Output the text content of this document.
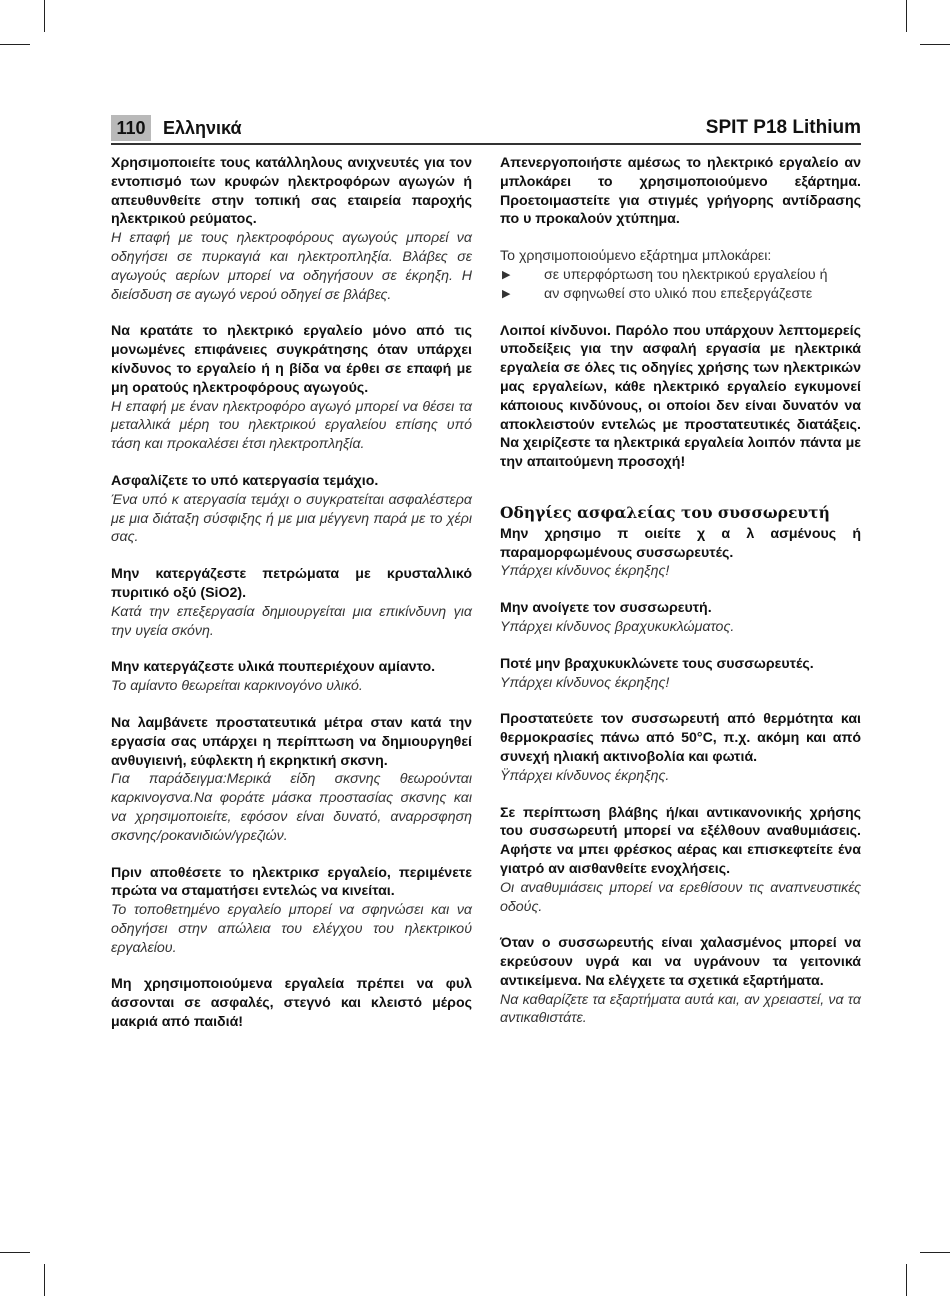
110 Ελληνικά	SPIT P18 Lithium
Χρησιμοποιείτε τους κατάλληλους ανιχνευτές για τον εντοπισμό των κρυφών ηλεκτροφόρων αγωγών ή απευθυνθείτε στην τοπική σας εταιρεία παροχής ηλεκτρικού ρεύματος.
Η επαφή με τους ηλεκτροφόρους αγωγούς μπορεί να οδηγήσει σε πυρκαγιά και ηλεκτροπληξία. Βλάβες σε αγωγούς αερίων μπορεί να οδηγήσουν σε έκρηξη. Η διείσδυση σε αγωγό νερού οδηγεί σε βλάβες.
Να κρατάτε το ηλεκτρικό εργαλείο μόνο από τις μονωμένες επιφάνειες συγκράτησης όταν υπάρχει κίνδυνος το εργαλείο ή η βίδα να έρθει σε επαφή με μη ορατούς ηλεκτροφόρους αγωγούς.
Η επαφή με έναν ηλεκτροφόρο αγωγό μπορεί να θέσει τα μεταλλικά μέρη του ηλεκτρικού εργαλείου επίσης υπό τάση και προκαλέσει έτσι ηλεκτροπληξία.
Ασφαλίζετε το υπό κατεργασία τεμάχιο.
Ένα υπό κ ατεργασία τεμάχι ο συγκρατείται ασφαλέστερα με μια διάταξη σύσφιξης ή με μια μέγγενη παρά με το χέρι σας.
Μην κατεργάζεστε πετρώματα με κρυσταλλικό πυριτικό οξύ (SiO2).
Κατά την επεξεργασία δημιουργείται μια επικίνδυνη για την υγεία σκόνη.
Μην κατεργάζεστε υλικά πουπεριέχουν αμίαντο.
Το αμίαντο θεωρείται καρκινογόνο υλικό.
Να λαμβάνετε προστατευτικά μέτρα σταν κατά την εργασία σας υπάρχει η περίπτωση να δημιουργηθεί ανθυγιεινή, εύφλεκτη ή εκρηκτική σκσνη.
Για παράδειγμα:Μερικά είδη σκσνης θεωρούνται καρκινογσνα.Να φοράτε μάσκα προστασίας σκσνης και να χρησιμοποιείτε, εφόσον είναι δυνατό, αναρρσφηση σκσνης/ροκανιδιών/γρεζιών.
Πριν αποθέσετε το ηλεκτρικσ εργαλείο, περιμένετε πρώτα να σταματήσει εντελώς να κινείται.
Το τοποθετημένο εργαλείο μπορεί να σφηνώσει και να οδηγήσει στην απώλεια του ελέγχου του ηλεκτρικού εργαλείου.
Μη χρησιμοποιούμενα εργαλεία πρέπει να φυλ άσσονται σε ασφαλές, στεγνό και κλειστό μέρος μακριά από παιδιά!
Απενεργοποιήστε αμέσως το ηλεκτρικό εργαλείο αν μπλοκάρει το χρησιμοποιούμενο εξάρτημα. Προετοιμαστείτε για στιγμές γρήγορης αντίδρασης πο υ προκαλούν χτύπημα.
Το χρησιμοποιούμενο εξάρτημα μπλοκάρει:
▶ σε υπερφόρτωση του ηλεκτρικού εργαλείου ή
▶ αν σφηνωθεί στο υλικό που επεξεργάζεστε
Λοιποί κίνδυνοι. Παρόλο που υπάρχουν λεπτομερείς υποδείξεις για την ασφαλή εργασία με ηλεκτρικά εργαλεία σε όλες τις οδηγίες χρήσης των ηλεκτρικών μας εργαλείων, κάθε ηλεκτρικό εργαλείο εγκυμονεί κάποιους κινδύνους, οι οποίοι δεν είναι δυνατόν να αποκλειστούν εντελώς με προστατευτικές διατάξεις. Να χειρίζεστε τα ηλεκτρικά εργαλεία λοιπόν πάντα με την απαιτούμενη προσοχή!
Οδηγίες ασφαλείας του συσσωρευτή
Μην χρησιμο π οιείτε χ α λ ασμένους ή παραμορφωμένους συσσωρευτές.
Υπάρχει κίνδυνος έκρηξης!
Μην ανοίγετε τον συσσωρευτή.
Υπάρχει κίνδυνος βραχυκυκλώματος.
Ποτέ μην βραχυκυκλώνετε τους συσσωρευτές.
Υπάρχει κίνδυνος έκρηξης!
Προστατεύετε τον συσσωρευτή από θερμότητα και θερμοκρασίες πάνω από 50°C, π.χ. ακόμη και από συνεχή ηλιακή ακτινοβολία και φωτιά.
Ϋπάρχει κίνδυνος έκρηξης.
Σε περίπτωση βλάβης ή/και αντικανονικής χρήσης του συσσωρευτή μπορεί να εξέλθουν αναθυμιάσεις. Αφήστε να μπει φρέσκος αέρας και επισκεφτείτε ένα γιατρό αν αισθανθείτε ενοχλήσεις.
Οι αναθυμιάσεις μπορεί να ερεθίσουν τις αναπνευστικές οδούς.
Όταν ο συσσωρευτής είναι χαλασμένος μπορεί να εκρεύσουν υγρά και να υγράνουν τα γειτονικά αντικείμενα. Να ελέγχετε τα σχετικά εξαρτήματα.
Να καθαρίζετε τα εξαρτήματα αυτά και, αν χρειαστεί, να τα αντικαθιστάτε.
